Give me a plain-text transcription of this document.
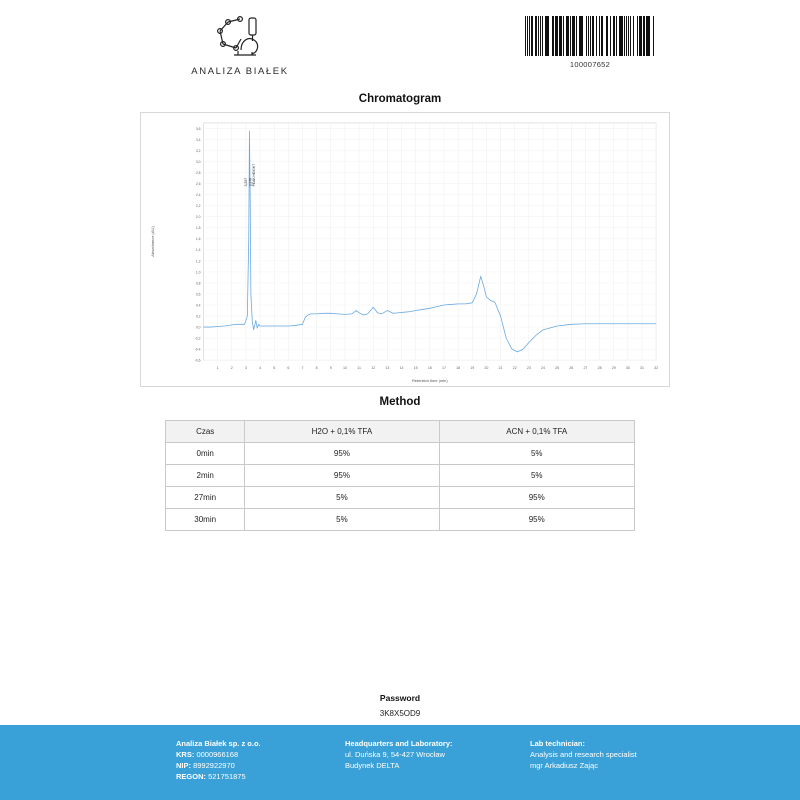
ANALIZA BIAŁEK
100007652
Chromatogram
1	2	3	4	5	6	7	8	9	10	11	12	13	14	15	16	17	18	19	20	21	22	23	24	25	26	27	28	29	30	31	32
3,6
3,4
3,2
3,0
2,8
2,6
2,4
2,2
2,0
1,8
1,6
1,4
1,2
1,0
0,8
0,6
0,4
0,2
0,0
-0,2
-0,4
-0,6
Retention time (min)
Absorbance (AU)
3,257 3,378 PEAK HEIGHT
Method
Czas	H2O + 0,1% TFA	ACN + 0,1% TFA
0min	95%	5%
2min	95%	5%
27min	5%	95%
30min	5%	95%
Password
3K8X5OD9
Analiza Białek sp. z o.o.
KRS: 0000966168
NIP: 8992922970
REGON: 521751875
Headquarters and Laboratory:
ul. Duńska 9, 54-427 Wrocław
Budynek DELTA
Lab technician:
Analysis and research specialist
mgr Arkadiusz Zając
